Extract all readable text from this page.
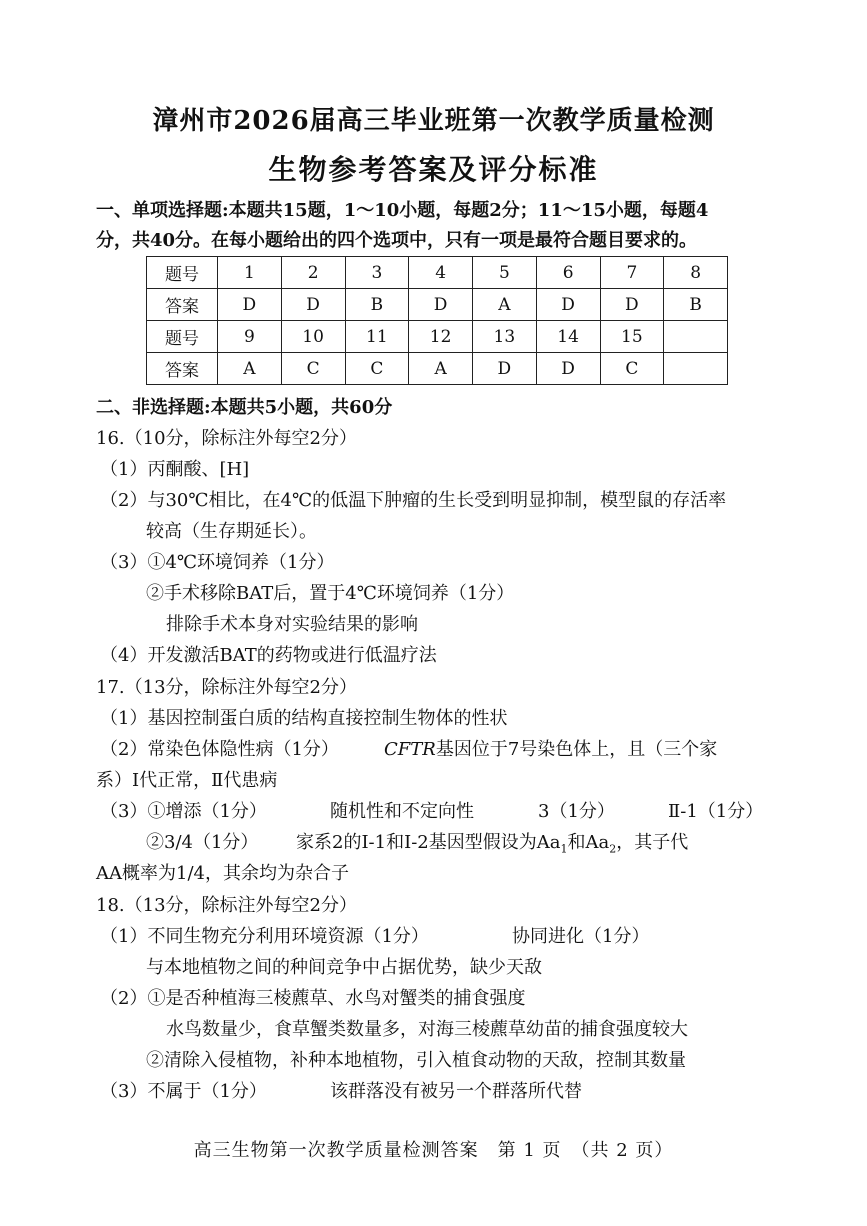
漳州市2026届高三毕业班第一次教学质量检测
生物参考答案及评分标准
一、单项选择题:本题共15题，1～10小题，每题2分；11～15小题，每题4
分，共40分。在每小题给出的四个选项中，只有一项是最符合题目要求的。
题号	1	2	3	4	5	6	7	8
答案	D	D	B	D	A	D	D	B
题号	9	10	11	12	13	14	15	
答案	A	C	C	A	D	D	C	
二、非选择题:本题共5小题，共60分
16.（10分，除标注外每空2分）
（1）丙酮酸、[H]
（2）与30℃相比，在4℃的低温下肿瘤的生长受到明显抑制，模型鼠的存活率
较高（生存期延长）。
（3）①4℃环境饲养（1分）
②手术移除BAT后，置于4℃环境饲养（1分）
排除手术本身对实验结果的影响
（4）开发激活BAT的药物或进行低温疗法
17.（13分，除标注外每空2分）
（1）基因控制蛋白质的结构直接控制生物体的性状
（2）常染色体隐性病（1分）	CFTR基因位于7号染色体上，且（三个家
系）Ⅰ代正常，Ⅱ代患病
（3）①增添（1分）	随机性和不定向性	3（1分）	Ⅱ-1（1分）
②3/4（1分） 家系2的Ⅰ-1和Ⅰ-2基因型假设为$Aa_1$和$Aa_2$，其子代
AA概率为1/4，其余均为杂合子
18.（13分，除标注外每空2分）
（1）不同生物充分利用环境资源（1分）	协同进化（1分）
与本地植物之间的种间竞争中占据优势，缺少天敌
（2）①是否种植海三棱藨草、水鸟对蟹类的捕食强度
水鸟数量少，食草蟹类数量多，对海三棱藨草幼苗的捕食强度较大
②清除入侵植物，补种本地植物，引入植食动物的天敌，控制其数量
（3）不属于（1分）	该群落没有被另一个群落所代替
高三生物第一次教学质量检测答案　第 1 页　（共 2 页）
